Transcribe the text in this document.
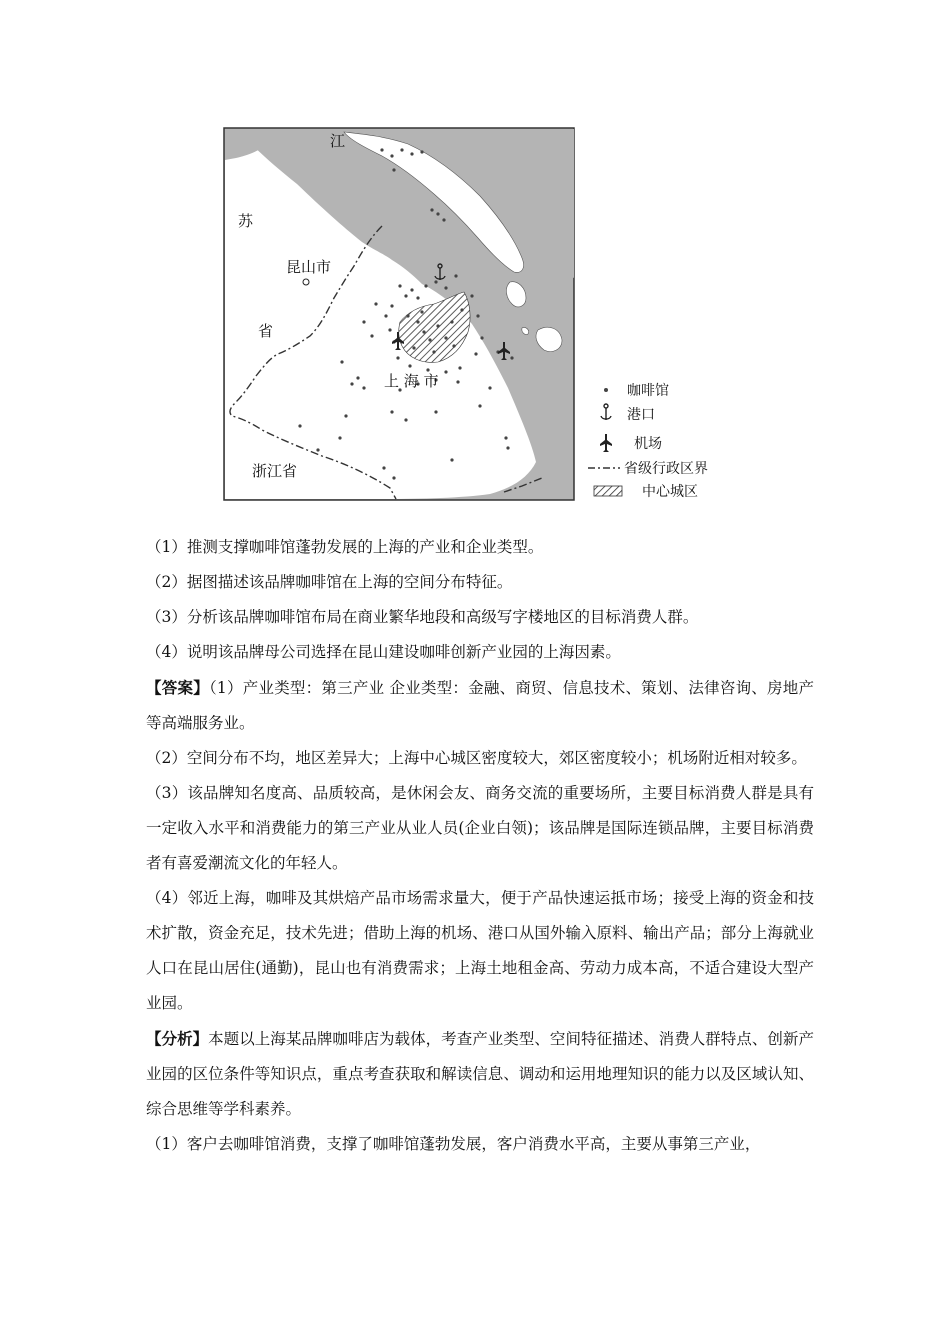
江
苏
昆山市
省
上 海 市
浙江省
咖啡馆
港口
机场
省级行政区界
中心城区

（1）推测支撑咖啡馆蓬勃发展的上海的产业和企业类型。

（2）据图描述该品牌咖啡馆在上海的空间分布特征。

（3）分析该品牌咖啡馆布局在商业繁华地段和高级写字楼地区的目标消费人群。

（4）说明该品牌母公司选择在昆山建设咖啡创新产业园的上海因素。

【答案】（1）产业类型：第三产业 企业类型：金融、商贸、信息技术、策划、法律咨询、房地产等高端服务业。

（2）空间分布不均，地区差异大；上海中心城区密度较大，郊区密度较小；机场附近相对较多。

（3）该品牌知名度高、品质较高，是休闲会友、商务交流的重要场所，主要目标消费人群是具有一定收入水平和消费能力的第三产业从业人员(企业白领)；该品牌是国际连锁品牌，主要目标消费者有喜爱潮流文化的年轻人。

（4）邻近上海，咖啡及其烘焙产品市场需求量大，便于产品快速运抵市场；接受上海的资金和技术扩散，资金充足，技术先进；借助上海的机场、港口从国外输入原料、输出产品；部分上海就业人口在昆山居住(通勤)，昆山也有消费需求；上海土地租金高、劳动力成本高，不适合建设大型产业园。

【分析】本题以上海某品牌咖啡店为载体，考查产业类型、空间特征描述、消费人群特点、创新产业园的区位条件等知识点，重点考查获取和解读信息、调动和运用地理知识的能力以及区域认知、综合思维等学科素养。

（1）客户去咖啡馆消费，支撑了咖啡馆蓬勃发展，客户消费水平高，主要从事第三产业，
